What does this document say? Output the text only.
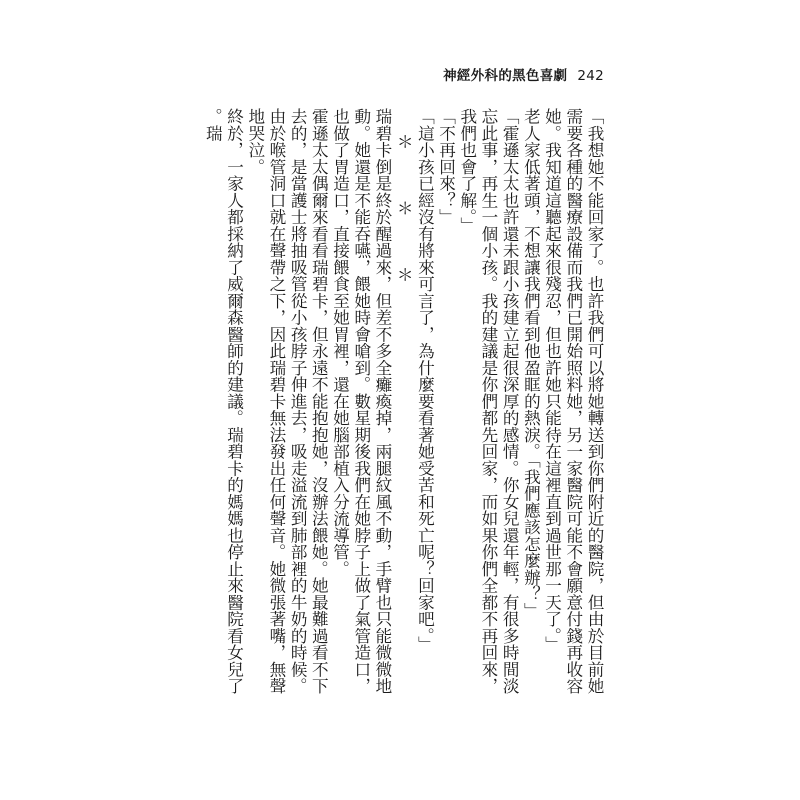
神經外科的黑色喜劇 242

「我想她不能回家了。也許我們可以將她轉送到你們附近的醫院，但由於目前她需要各種的醫療設備而我們已開始照料她，另一家醫院可能不會願意付錢再收容她。我知道這聽起來很殘忍，但也許她只能待在這裡直到過世那一天了。」

老人家低著頭，不想讓我們看到他盈眶的熱淚。「我們應該怎麼辦？」

「霍遜太太也許還未跟小孩建立起很深厚的感情。你女兒還年輕，有很多時間淡忘此事，再生一個小孩。我的建議是你們都先回家，而如果你們全都不再回來，我們也會了解。」

「不再回來？」

「這小孩已經沒有將來可言了，為什麼要看著她受苦和死亡呢？回家吧。」

＊　＊　＊

瑞碧卡倒是終於醒過來，但差不多全癱瘓掉，兩腿紋風不動，手臂也只能微微地動。她還是不能吞嚥，餵她時會嗆到。數星期後我們在她脖子上做了氣管造口，也做了胃造口，直接餵食至她胃裡，還在她腦部植入分流導管。

霍遜太太偶爾來看看瑞碧卡，但永遠不能抱抱她，沒辦法餵她。她最難過看不下去的，是當護士將抽吸管從小孩脖子伸進去，吸走溢流到肺部裡的牛奶的時候。由於喉管洞口就在聲帶之下，因此瑞碧卡無法發出任何聲音。她微張著嘴，無聲地哭泣。

終於，一家人都採納了威爾森醫師的建議。瑞碧卡的媽媽也停止來醫院看女兒了。瑞
